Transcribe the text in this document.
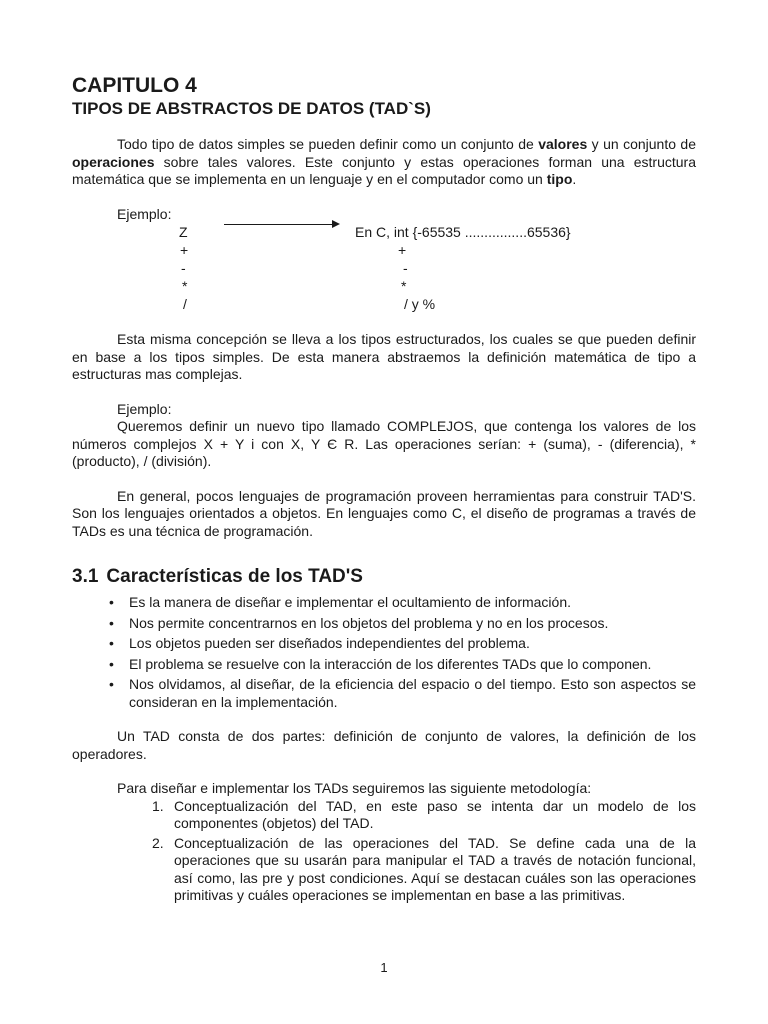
CAPITULO 4
TIPOS DE ABSTRACTOS DE DATOS (TAD`S)

Todo tipo de datos simples se pueden definir como un conjunto de valores y un conjunto de operaciones sobre tales valores. Este conjunto y estas operaciones forman una estructura matemática que se implementa en un lenguaje y en el computador como un tipo.

Ejemplo:
Z	En C, int {-65535 ................65536}
+	+
-	-
*	*
/	/ y %

Esta misma concepción se lleva a los tipos estructurados, los cuales se que pueden definir en base a los tipos simples. De esta manera abstraemos la definición matemática de tipo a estructuras mas complejas.

Ejemplo:

Queremos definir un nuevo tipo llamado COMPLEJOS, que contenga los valores de los números complejos X + Y i con X, Y Є R. Las operaciones serían: + (suma), - (diferencia), * (producto), / (división).

En general, pocos lenguajes de programación proveen herramientas para construir TAD'S. Son los lenguajes orientados a objetos. En lenguajes como C, el diseño de programas a través de TADs es una técnica de programación.

3.1 Características de los TAD'S
• Es la manera de diseñar e implementar el ocultamiento de información.
• Nos permite concentrarnos en los objetos del problema y no en los procesos.
• Los objetos pueden ser diseñados independientes del problema.
• El problema se resuelve con la interacción de los diferentes TADs que lo componen.
• Nos olvidamos, al diseñar, de la eficiencia del espacio o del tiempo. Esto son aspectos se consideran en la implementación.

Un TAD consta de dos partes: definición de conjunto de valores, la definición de los operadores.

Para diseñar e implementar los TADs seguiremos las siguiente metodología:

1. Conceptualización del TAD, en este paso se intenta dar un modelo de los componentes (objetos) del TAD.
2. Conceptualización de las operaciones del TAD. Se define cada una de la operaciones que su usarán para manipular el TAD a través de notación funcional, así como, las pre y post condiciones. Aquí se destacan cuáles son las operaciones primitivas y cuáles operaciones se implementan en base a las primitivas.
1
